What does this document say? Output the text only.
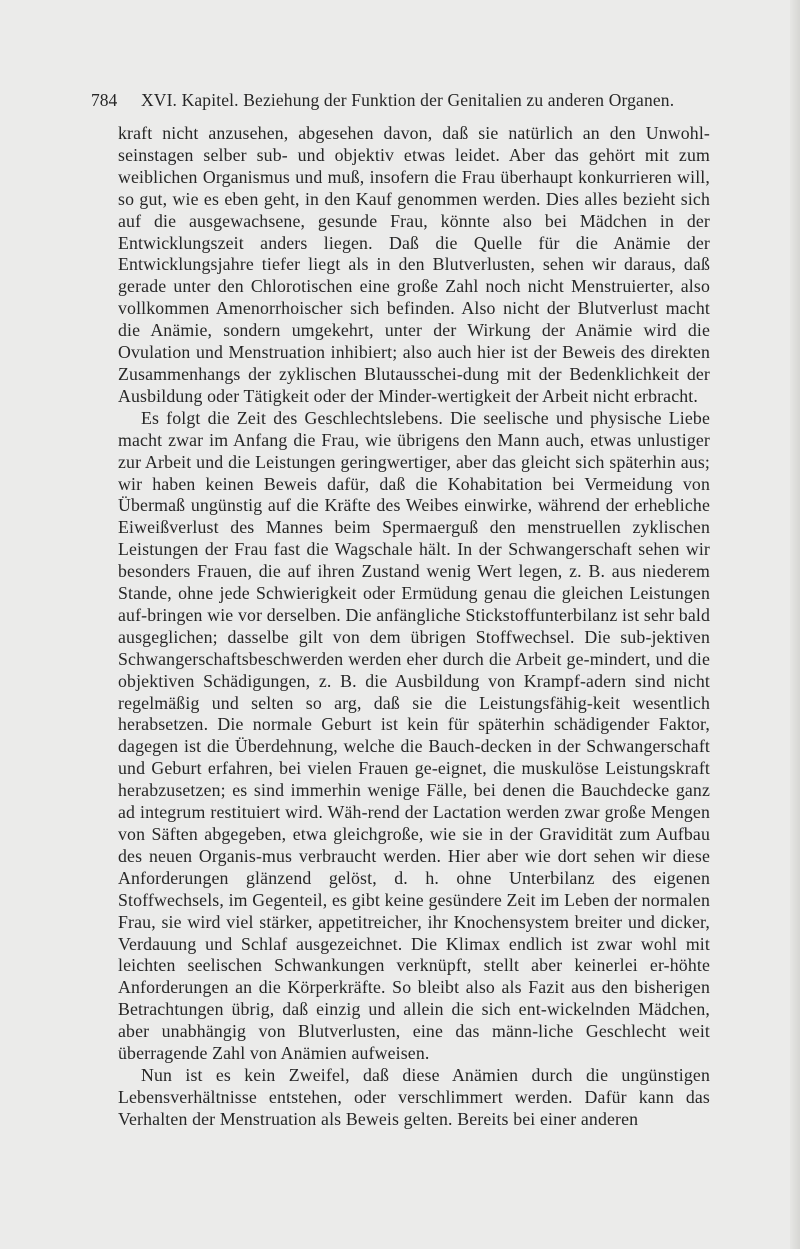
784 XVI. Kapitel. Beziehung der Funktion der Genitalien zu anderen Organen.

kraft nicht anzusehen, abgesehen davon, daß sie natürlich an den Unwohl-seinstagen selber sub- und objektiv etwas leidet. Aber das gehört mit zum weiblichen Organismus und muß, insofern die Frau überhaupt konkurrieren will, so gut, wie es eben geht, in den Kauf genommen werden. Dies alles bezieht sich auf die ausgewachsene, gesunde Frau, könnte also bei Mädchen in der Entwicklungszeit anders liegen. Daß die Quelle für die Anämie der Entwicklungsjahre tiefer liegt als in den Blutverlusten, sehen wir daraus, daß gerade unter den Chlorotischen eine große Zahl noch nicht Menstruierter, also vollkommen Amenorrhoischer sich befinden. Also nicht der Blutverlust macht die Anämie, sondern umgekehrt, unter der Wirkung der Anämie wird die Ovulation und Menstruation inhibiert; also auch hier ist der Beweis des direkten Zusammenhangs der zyklischen Blutausschei-dung mit der Bedenklichkeit der Ausbildung oder Tätigkeit oder der Minder-wertigkeit der Arbeit nicht erbracht.

Es folgt die Zeit des Geschlechtslebens. Die seelische und physische Liebe macht zwar im Anfang die Frau, wie übrigens den Mann auch, etwas unlustiger zur Arbeit und die Leistungen geringwertiger, aber das gleicht sich späterhin aus; wir haben keinen Beweis dafür, daß die Kohabitation bei Vermeidung von Übermaß ungünstig auf die Kräfte des Weibes einwirke, während der erhebliche Eiweißverlust des Mannes beim Spermaerguß den menstruellen zyklischen Leistungen der Frau fast die Wagschale hält. In der Schwangerschaft sehen wir besonders Frauen, die auf ihren Zustand wenig Wert legen, z. B. aus niederem Stande, ohne jede Schwierigkeit oder Ermüdung genau die gleichen Leistungen auf-bringen wie vor derselben. Die anfängliche Stickstoffunterbilanz ist sehr bald ausgeglichen; dasselbe gilt von dem übrigen Stoffwechsel. Die sub-jektiven Schwangerschaftsbeschwerden werden eher durch die Arbeit ge-mindert, und die objektiven Schädigungen, z. B. die Ausbildung von Krampf-adern sind nicht regelmäßig und selten so arg, daß sie die Leistungsfähig-keit wesentlich herabsetzen. Die normale Geburt ist kein für späterhin schädigender Faktor, dagegen ist die Überdehnung, welche die Bauch-decken in der Schwangerschaft und Geburt erfahren, bei vielen Frauen ge-eignet, die muskulöse Leistungskraft herabzusetzen; es sind immerhin wenige Fälle, bei denen die Bauchdecke ganz ad integrum restituiert wird. Wäh-rend der Lactation werden zwar große Mengen von Säften abgegeben, etwa gleichgroße, wie sie in der Gravidität zum Aufbau des neuen Organis-mus verbraucht werden. Hier aber wie dort sehen wir diese Anforderungen glänzend gelöst, d. h. ohne Unterbilanz des eigenen Stoffwechsels, im Gegenteil, es gibt keine gesündere Zeit im Leben der normalen Frau, sie wird viel stärker, appetitreicher, ihr Knochensystem breiter und dicker, Verdauung und Schlaf ausgezeichnet. Die Klimax endlich ist zwar wohl mit leichten seelischen Schwankungen verknüpft, stellt aber keinerlei er-höhte Anforderungen an die Körperkräfte. So bleibt also als Fazit aus den bisherigen Betrachtungen übrig, daß einzig und allein die sich ent-wickelnden Mädchen, aber unabhängig von Blutverlusten, eine das männ-liche Geschlecht weit überragende Zahl von Anämien aufweisen.

Nun ist es kein Zweifel, daß diese Anämien durch die ungünstigen Lebensverhältnisse entstehen, oder verschlimmert werden. Dafür kann das Verhalten der Menstruation als Beweis gelten. Bereits bei einer anderen
